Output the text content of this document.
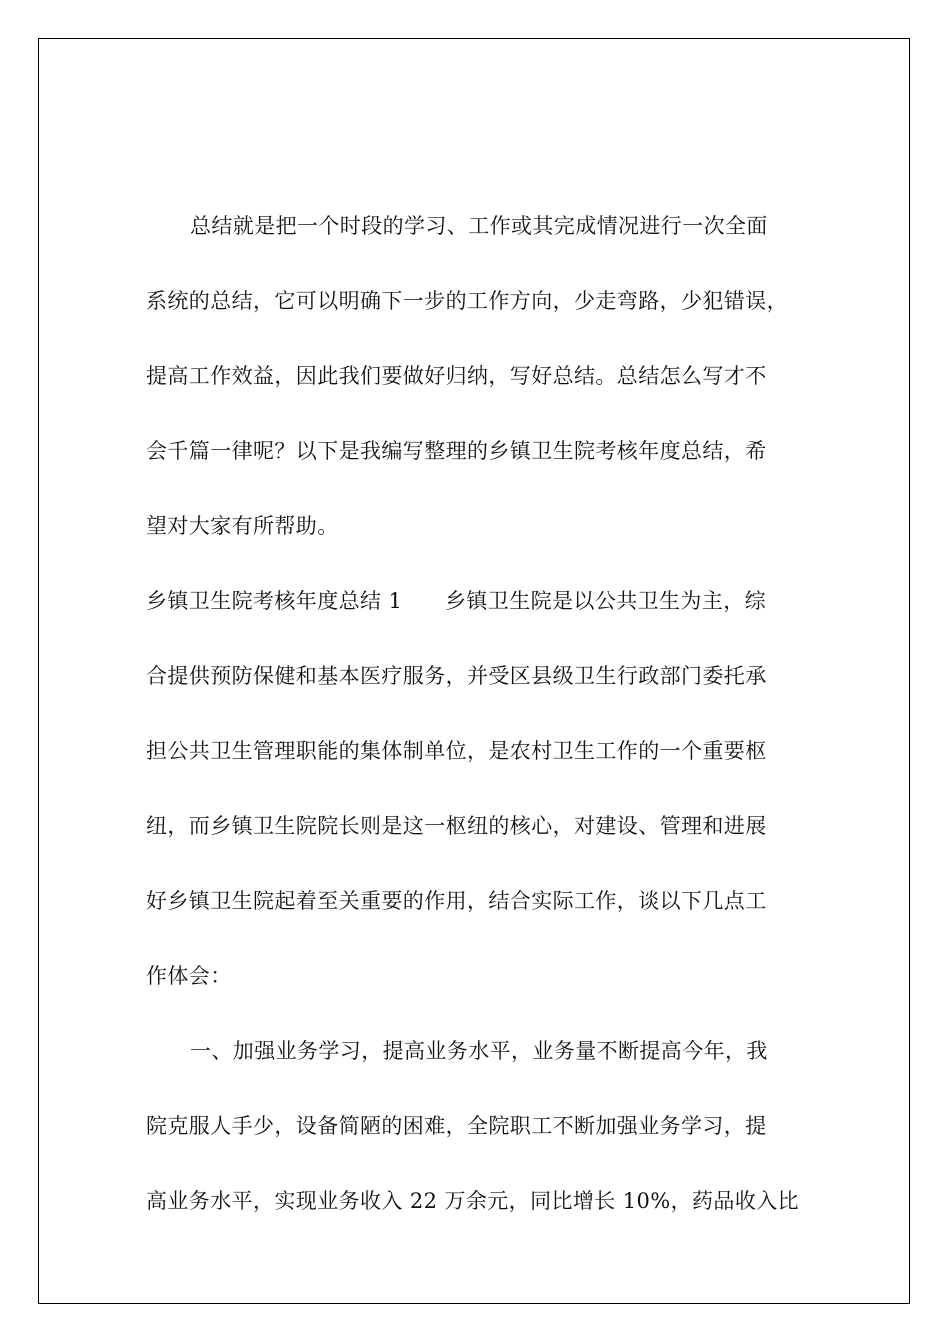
总结就是把一个时段的学习、工作或其完成情况进行一次全面
系统的总结，它可以明确下一步的工作方向，少走弯路，少犯错误，
提高工作效益，因此我们要做好归纳，写好总结。总结怎么写才不
会千篇一律呢？以下是我编写整理的乡镇卫生院考核年度总结，希
望对大家有所帮助。
乡镇卫生院考核年度总结 1　　乡镇卫生院是以公共卫生为主，综
合提供预防保健和基本医疗服务，并受区县级卫生行政部门委托承
担公共卫生管理职能的集体制单位，是农村卫生工作的一个重要枢
纽，而乡镇卫生院院长则是这一枢纽的核心，对建设、管理和进展
好乡镇卫生院起着至关重要的作用，结合实际工作，谈以下几点工
作体会：
一、加强业务学习，提高业务水平，业务量不断提高今年，我
院克服人手少，设备简陋的困难，全院职工不断加强业务学习，提
高业务水平，实现业务收入 22 万余元，同比增长 10%，药品收入比
